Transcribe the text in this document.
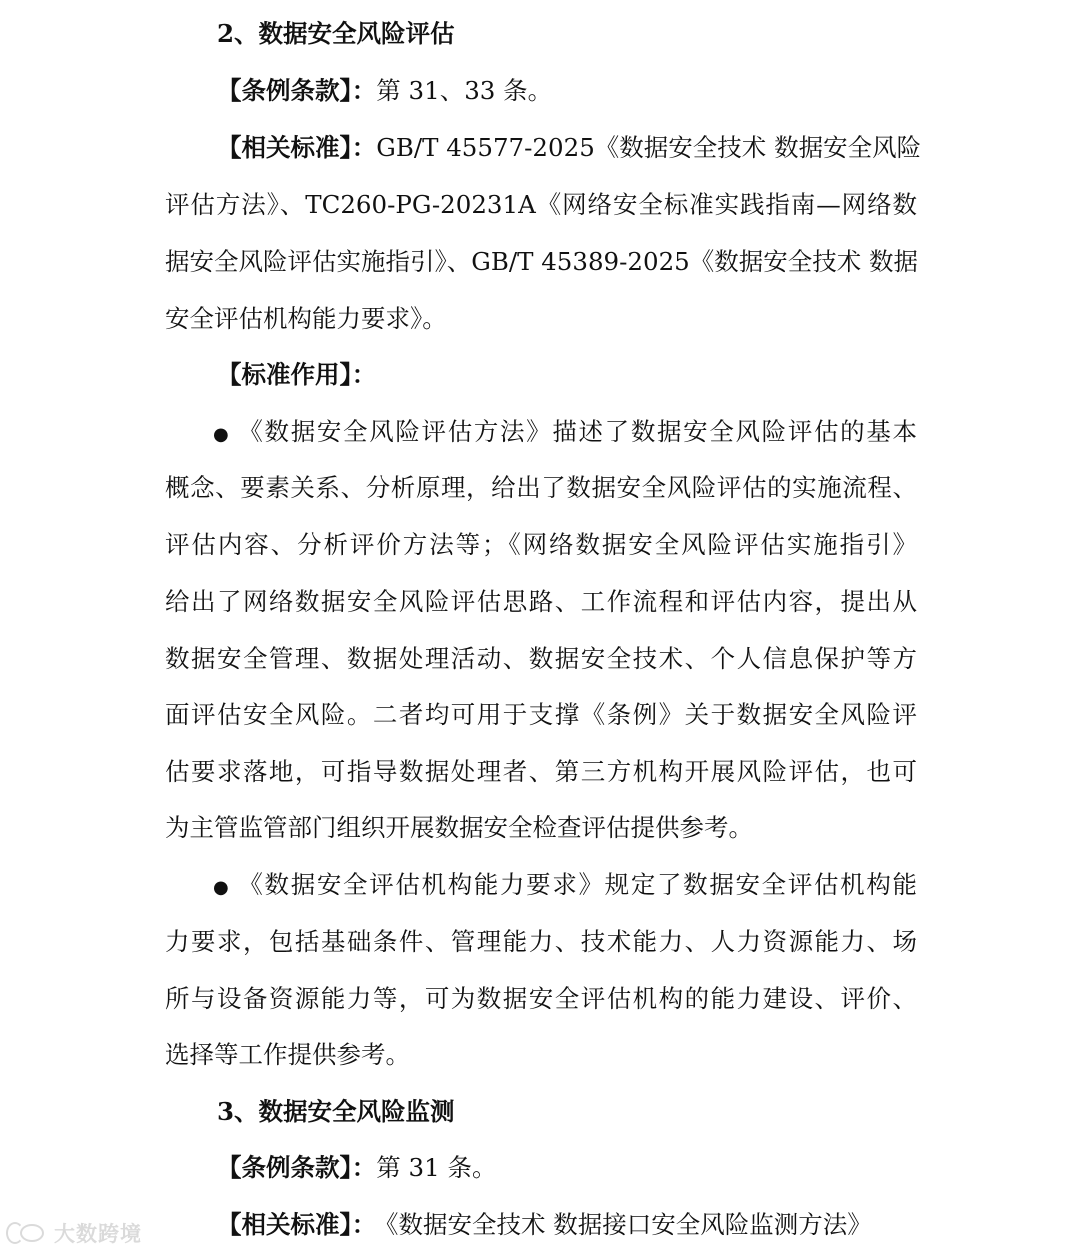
2、数据安全风险评估
【条例条款】：第 31、33 条。
【相关标准】：GB/T 45577-2025《数据安全技术 数据安全风险
评估方法》、TC260-PG-20231A《网络安全标准实践指南—网络数
据安全风险评估实施指引》、GB/T 45389-2025《数据安全技术 数据
安全评估机构能力要求》。
【标准作用】：
● 《数据安全风险评估方法》描述了数据安全风险评估的基本
概念、要素关系、分析原理，给出了数据安全风险评估的实施流程、
评估内容、分析评价方法等；《网络数据安全风险评估实施指引》
给出了网络数据安全风险评估思路、工作流程和评估内容，提出从
数据安全管理、数据处理活动、数据安全技术、个人信息保护等方
面评估安全风险。二者均可用于支撑《条例》关于数据安全风险评
估要求落地，可指导数据处理者、第三方机构开展风险评估，也可
为主管监管部门组织开展数据安全检查评估提供参考。
● 《数据安全评估机构能力要求》规定了数据安全评估机构能
力要求，包括基础条件、管理能力、技术能力、人力资源能力、场
所与设备资源能力等，可为数据安全评估机构的能力建设、评价、
选择等工作提供参考。
3、数据安全风险监测
【条例条款】：第 31 条。
【相关标准】： 《数据安全技术 数据接口安全风险监测方法》
大数跨境
